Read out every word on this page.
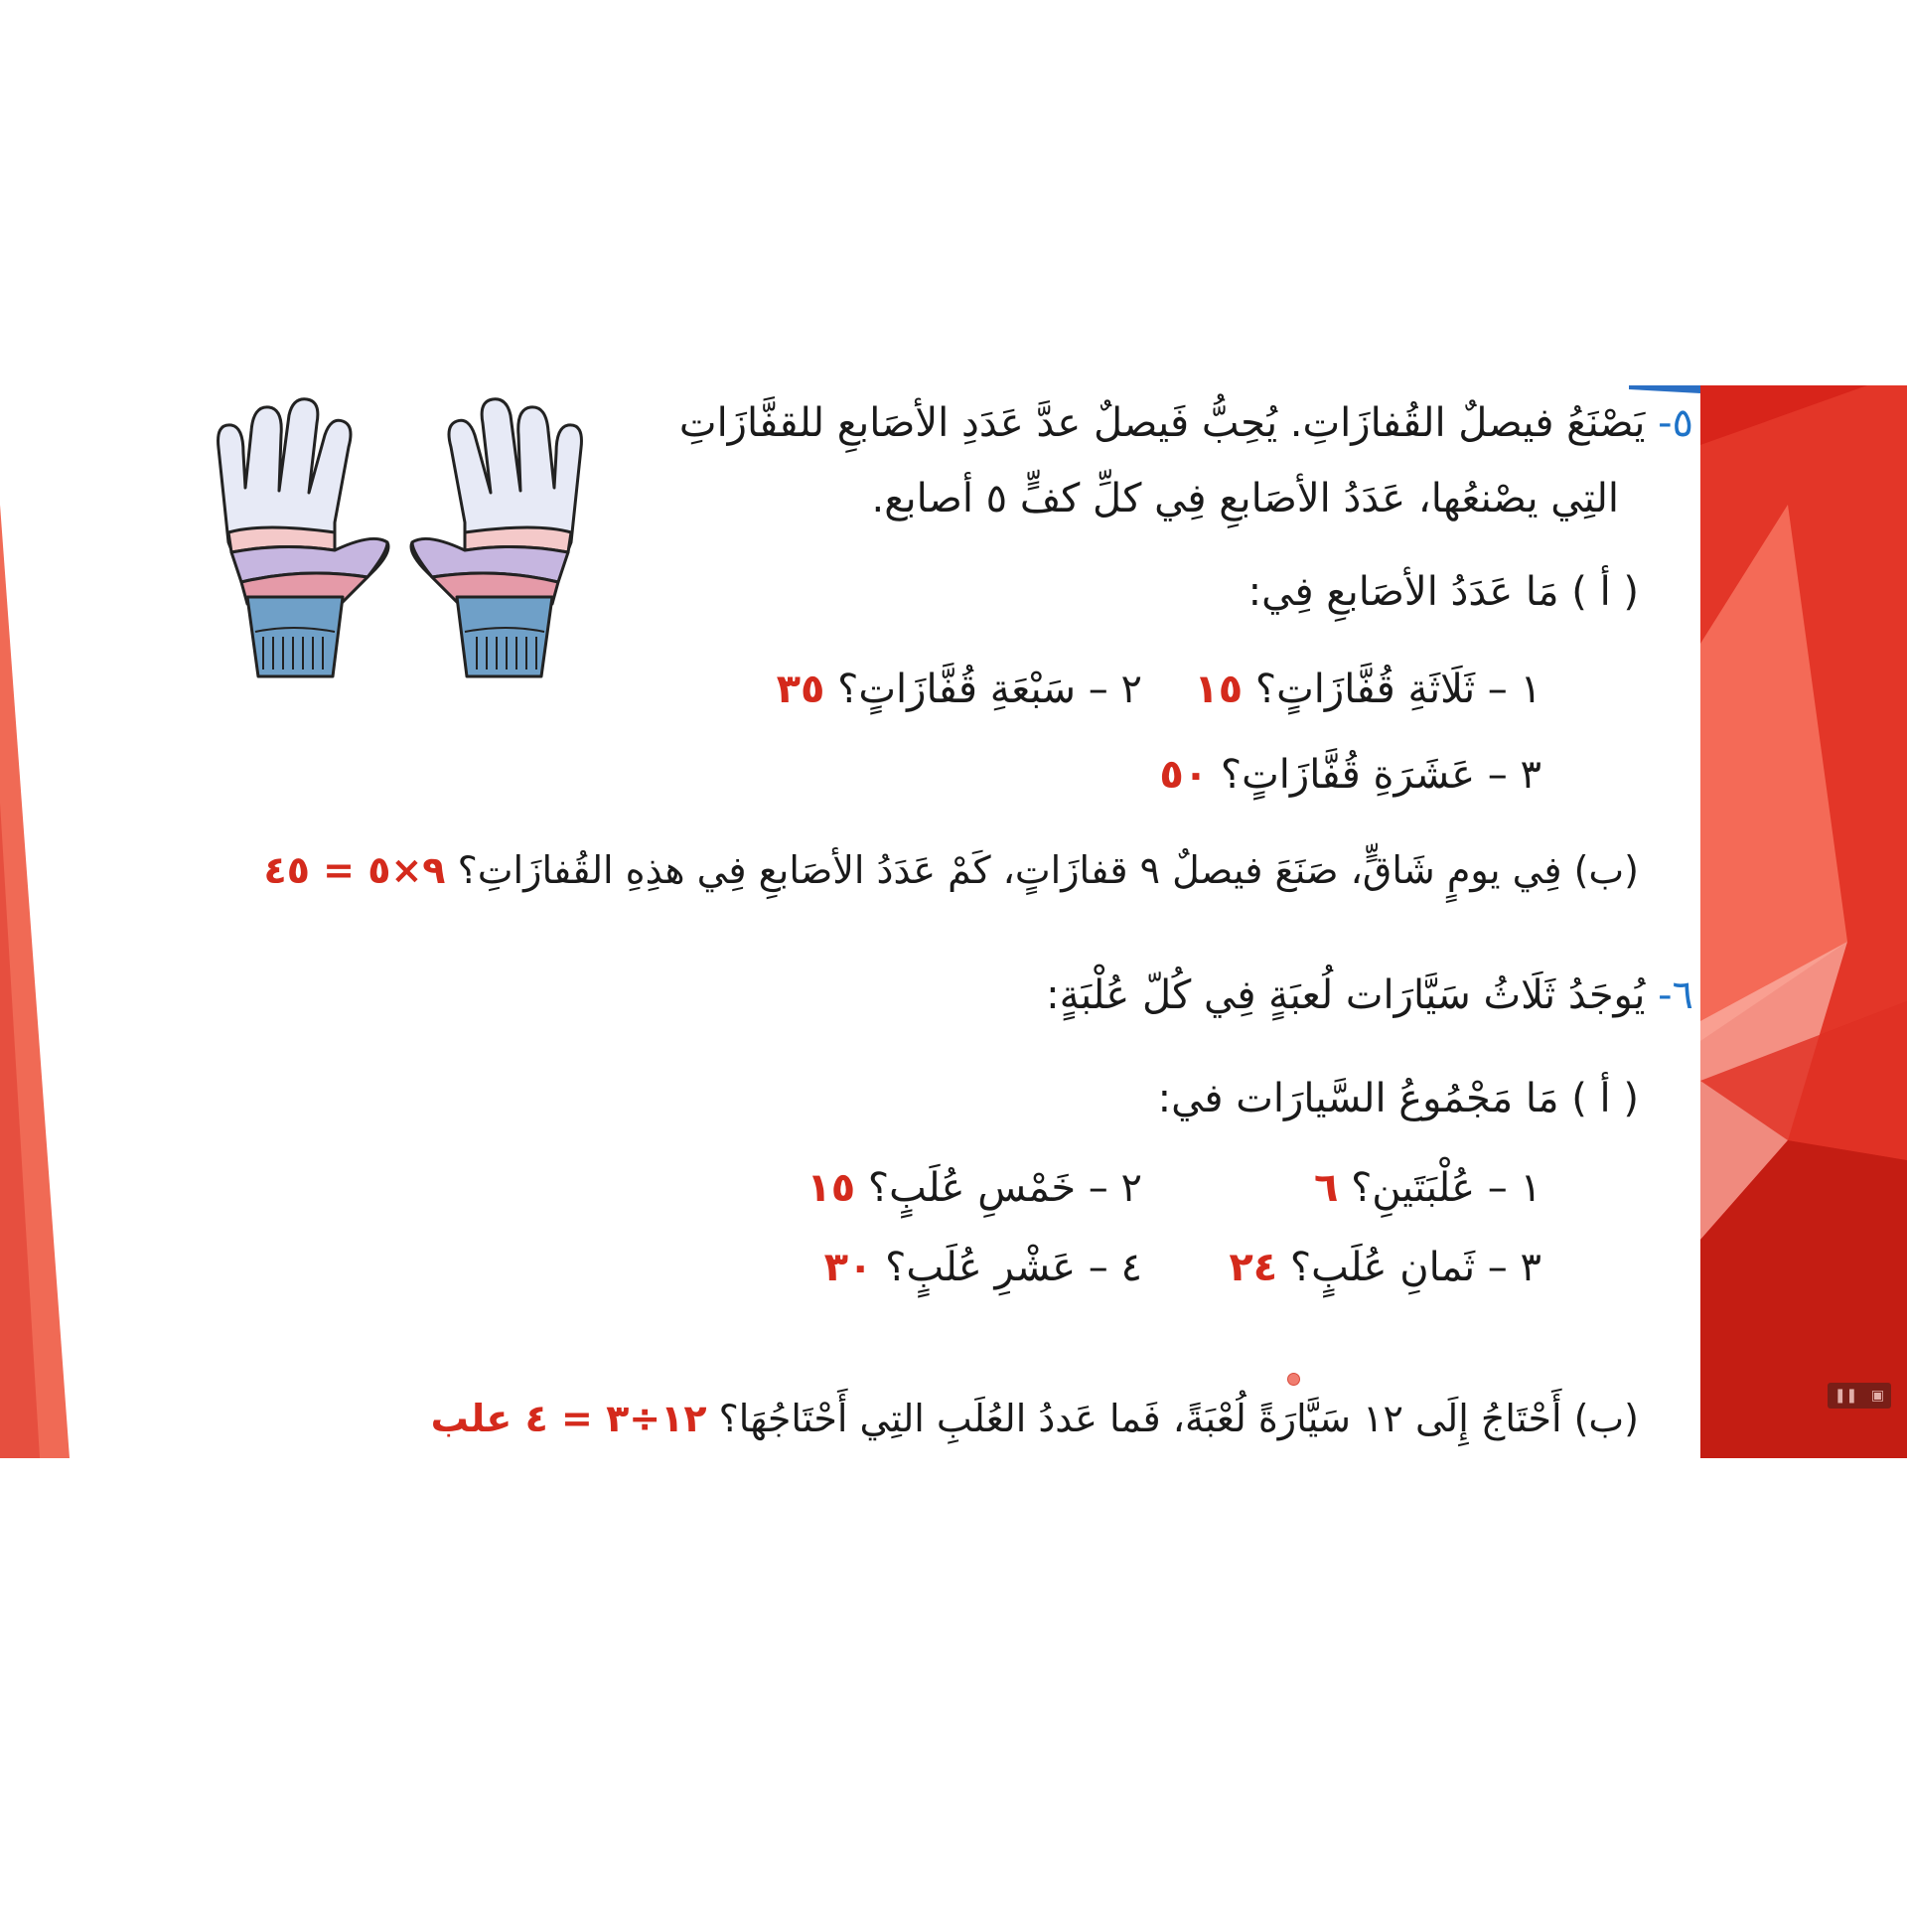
٥- يَصْنَعُ فيصلٌ القُفازَاتِ. يُحِبُّ فَيصلٌ عدَّ عَدَدِ الأصَابعِ للقفَّازَاتِ
التِي يصْنعُها، عَدَدُ الأصَابعِ فِي كلِّ كفٍّ ٥ أصابع.
( أ ) مَا عَدَدُ الأصَابعِ فِي:
١ – ثَلَاثَةِ قُفَّازَاتٍ؟ ١٥
٢ – سَبْعَةِ قُفَّازَاتٍ؟ ٣٥
٣ – عَشَرَةِ قُفَّازَاتٍ؟ ٥٠
(ب) فِي يومٍ شَاقٍّ، صَنَعَ فيصلٌ ٩ قفازَاتٍ، كَمْ عَدَدُ الأصَابعِ فِي هذِهِ القُفازَاتِ؟ ٩×٥ = ٤٥
٦- يُوجَدُ ثَلَاثُ سَيَّارَات لُعبَةٍ فِي كُلّ عُلْبَةٍ:
( أ ) مَا مَجْمُوعُ السَّيارَات في:
١ – عُلْبَتَينِ؟ ٦
٢ – خَمْسِ عُلَبٍ؟ ١٥
٣ – ثَمانِ عُلَبٍ؟ ٢٤
٤ – عَشْرِ عُلَبٍ؟ ٣٠
(ب) أَحْتَاجُ إِلَى ١٢ سَيَّارَةً لُعْبَةً، فَما عَددُ العُلَبِ التِي أَحْتَاجُهَا؟ ١٢÷٣ = ٤ علب
❚❚ ▣
